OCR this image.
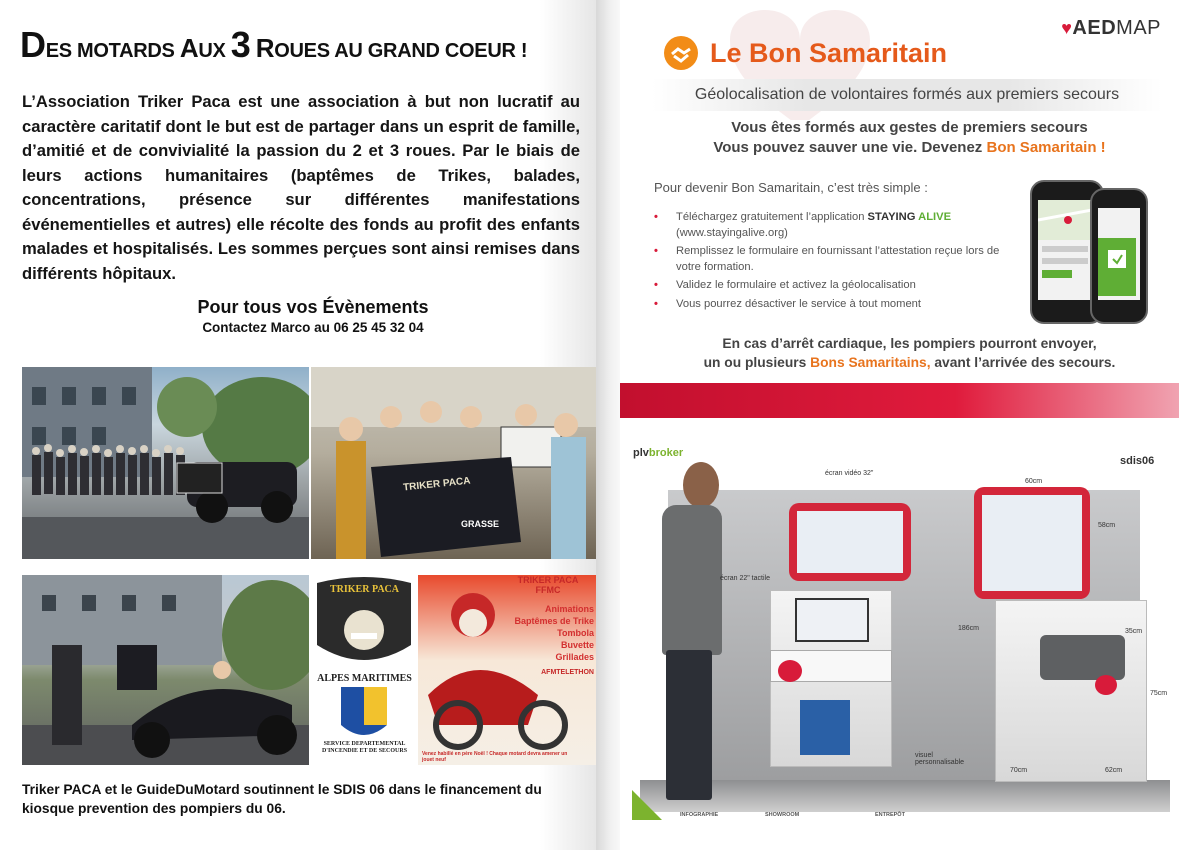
DES MOTARDS AUX 3 ROUES AU GRAND COEUR !
L’Association Triker Paca est une association à but non lucratif au caractère caritatif dont le but est de partager dans un esprit de famille, d’amitié et de convivialité la passion du 2 et 3 roues. Par le biais de leurs actions humanitaires (baptêmes de Trikes, balades, concentrations, présence sur différentes manifestations événementielles et autres) elle récolte des fonds au profit des enfants malades et hospitalisés. Les sommes perçues sont ainsi remises dans différents hôpitaux.
Pour tous vos Évènements
Contactez Marco au 06 25 45 32 04
TRIKER PACA
GRASSE
TRIKER PACA
ALPES MARITIMES
SERVICE DEPARTEMENTAL D'INCENDIE ET DE SECOURS
TRIKER PACA
FFMC
Animations
Baptêmes de Trike
Tombola
Buvette
Grillades
AFMTELETHON
Venez habillé en père Noël ! Chaque motard devra amener un jouet neuf
Triker PACA et le GuideDuMotard soutinnent le SDIS 06 dans le financement du kiosque prevention des pompiers du 06.
♥AEDMAP
Le Bon Samaritain
Géolocalisation de volontaires formés aux premiers secours
Vous êtes formés aux gestes de premiers secours
Vous pouvez sauver une vie. Devenez Bon Samaritain !
Pour devenir Bon Samaritain, c’est très simple :
• Téléchargez gratuitement l’application STAYING ALIVE (www.stayingalive.org)
• Remplissez le formulaire en fournissant l’attestation reçue lors de votre formation.
• Validez le formulaire et activez la géolocalisation
• Vous pourrez désactiver le service à tout moment
En cas d’arrêt cardiaque, les pompiers pourront envoyer,
un ou plusieurs Bons Samaritains, avant l’arrivée des secours.
plvbroker
sdis06
écran vidéo 32"
écran 22" tactile
60cm
58cm
186cm	35cm
75cm
70cm	62cm
visuel personnalisable
INFOGRAPHIE	SHOWROOM	ENTREPÔT
